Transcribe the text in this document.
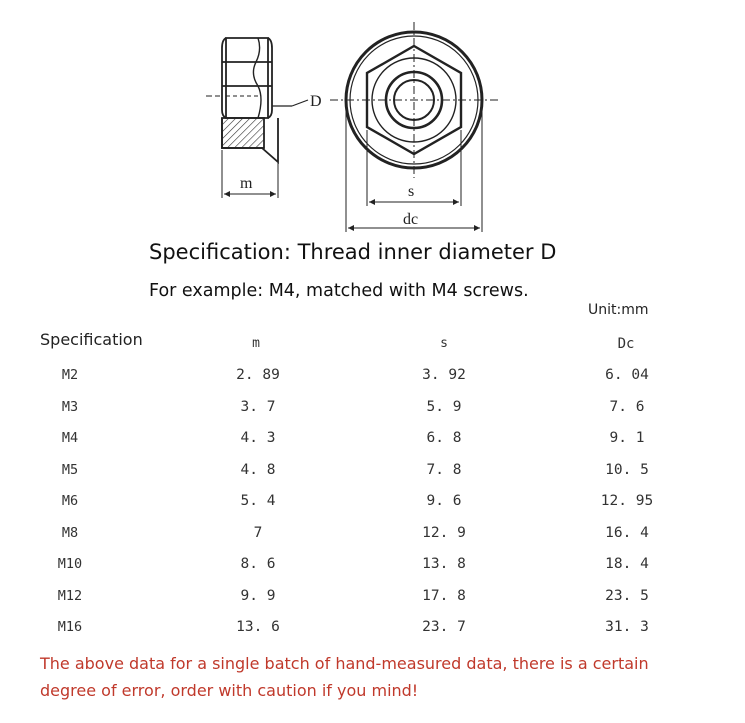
D
m	s
dc
Specification: Thread inner diameter D
For example: M4, matched with M4 screws.
Unit:mm
Specification	m	s	Dc
M2	2. 89	3. 92	6. 04
M3	3. 7	5. 9	7. 6
M4	4. 3	6. 8	9. 1
M5	4. 8	7. 8	10. 5
M6	5. 4	9. 6	12. 95
M8	7	12. 9	16. 4
M10	8. 6	13. 8	18. 4
M12	9. 9	17. 8	23. 5
M16	13. 6	23. 7	31. 3
The above data for a single batch of hand-measured data, there is a certain degree of error, order with caution if you mind!
